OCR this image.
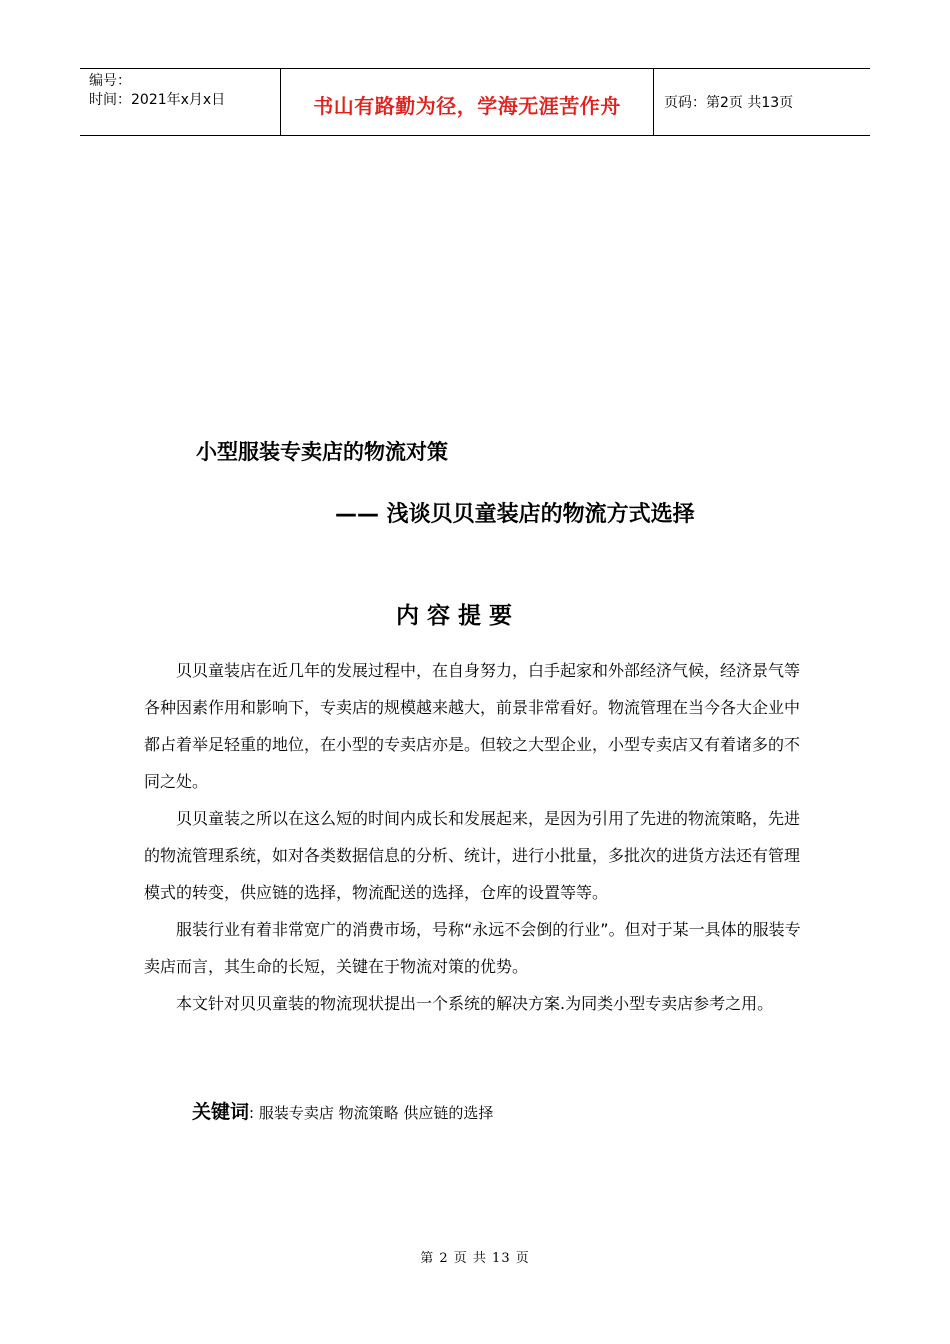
编号：
时间：2021年x月x日	书山有路勤为径，学海无涯苦作舟	页码：第2页 共13页
小型服装专卖店的物流对策
—— 浅谈贝贝童装店的物流方式选择
内容提要

贝贝童装店在近几年的发展过程中，在自身努力，白手起家和外部经济气候，经济景气等各种因素作用和影响下，专卖店的规模越来越大，前景非常看好。物流管理在当今各大企业中都占着举足轻重的地位，在小型的专卖店亦是。但较之大型企业，小型专卖店又有着诸多的不同之处。

贝贝童装之所以在这么短的时间内成长和发展起来，是因为引用了先进的物流策略，先进的物流管理系统，如对各类数据信息的分析、统计，进行小批量，多批次的进货方法还有管理模式的转变，供应链的选择，物流配送的选择，仓库的设置等等。

服装行业有着非常宽广的消费市场，号称“永远不会倒的行业”。但对于某一具体的服装专卖店而言，其生命的长短，关键在于物流对策的优势。

本文针对贝贝童装的物流现状提出一个系统的解决方案.为同类小型专卖店参考之用。

关键词: 服装专卖店 物流策略 供应链的选择
第 2 页 共 13 页
